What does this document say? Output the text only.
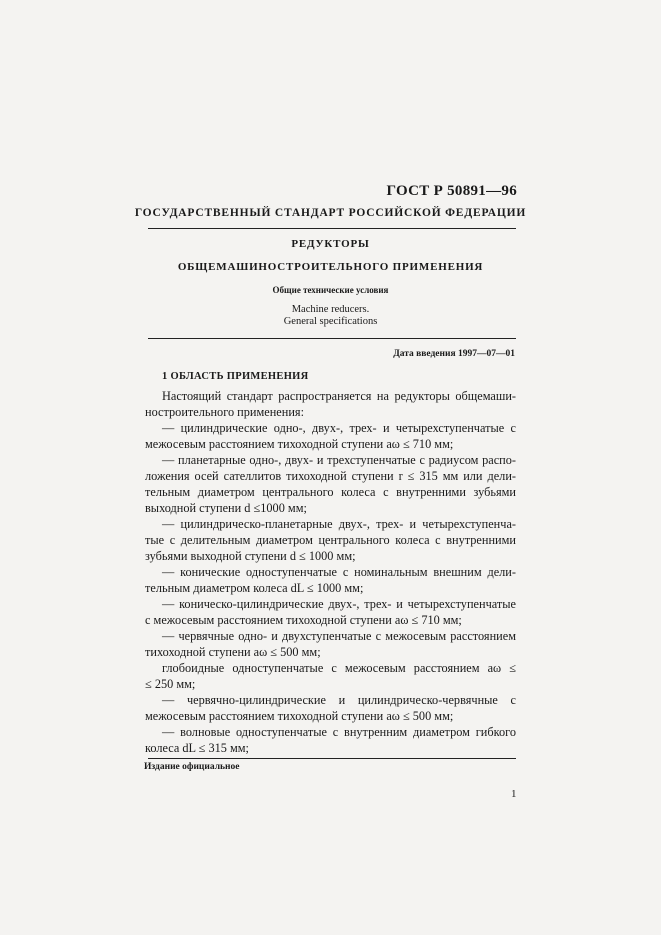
ГОСТ Р 50891—96
ГОСУДАРСТВЕННЫЙ СТАНДАРТ РОССИЙСКОЙ ФЕДЕРАЦИИ
РЕДУКТОРЫ
ОБЩЕМАШИНОСТРОИТЕЛЬНОГО ПРИМЕНЕНИЯ
Общие технические условия
Machine reducers.
General specifications
Дата введения 1997—07—01
1 ОБЛАСТЬ ПРИМЕНЕНИЯ
Настоящий стандарт распространяется на редукторы общемаши-
ностроительного применения:
— цилиндрические одно-, двух-, трех- и четырехступенчатые с
межосевым расстоянием тихоходной ступени aω ≤ 710 мм;
— планетарные одно-, двух- и трехступенчатые с радиусом распо-
ложения осей сателлитов тихоходной ступени r ≤ 315 мм или дели-
тельным диаметром центрального колеса с внутренними зубьями
выходной ступени d ≤1000 мм;
— цилиндрическо-планетарные двух-, трех- и четырехступенча-
тые с делительным диаметром центрального колеса с внутренними
зубьями выходной ступени d ≤ 1000 мм;
— конические одноступенчатые с номинальным внешним дели-
тельным диаметром колеса dL ≤ 1000 мм;
— коническо-цилиндрические двух-, трех- и четырехступенчатые
с межосевым расстоянием тихоходной ступени aω ≤ 710 мм;
— червячные одно- и двухступенчатые с межосевым расстоянием
тихоходной ступени aω ≤ 500 мм;
глобоидные одноступенчатые с межосевым расстоянием aω ≤
≤ 250 мм;
— червячно-цилиндрические и цилиндрическо-червячные с
межосевым расстоянием тихоходной ступени aω ≤ 500 мм;
— волновые одноступенчатые с внутренним диаметром гибкого
колеса dL ≤ 315 мм;
Издание официальное
1
